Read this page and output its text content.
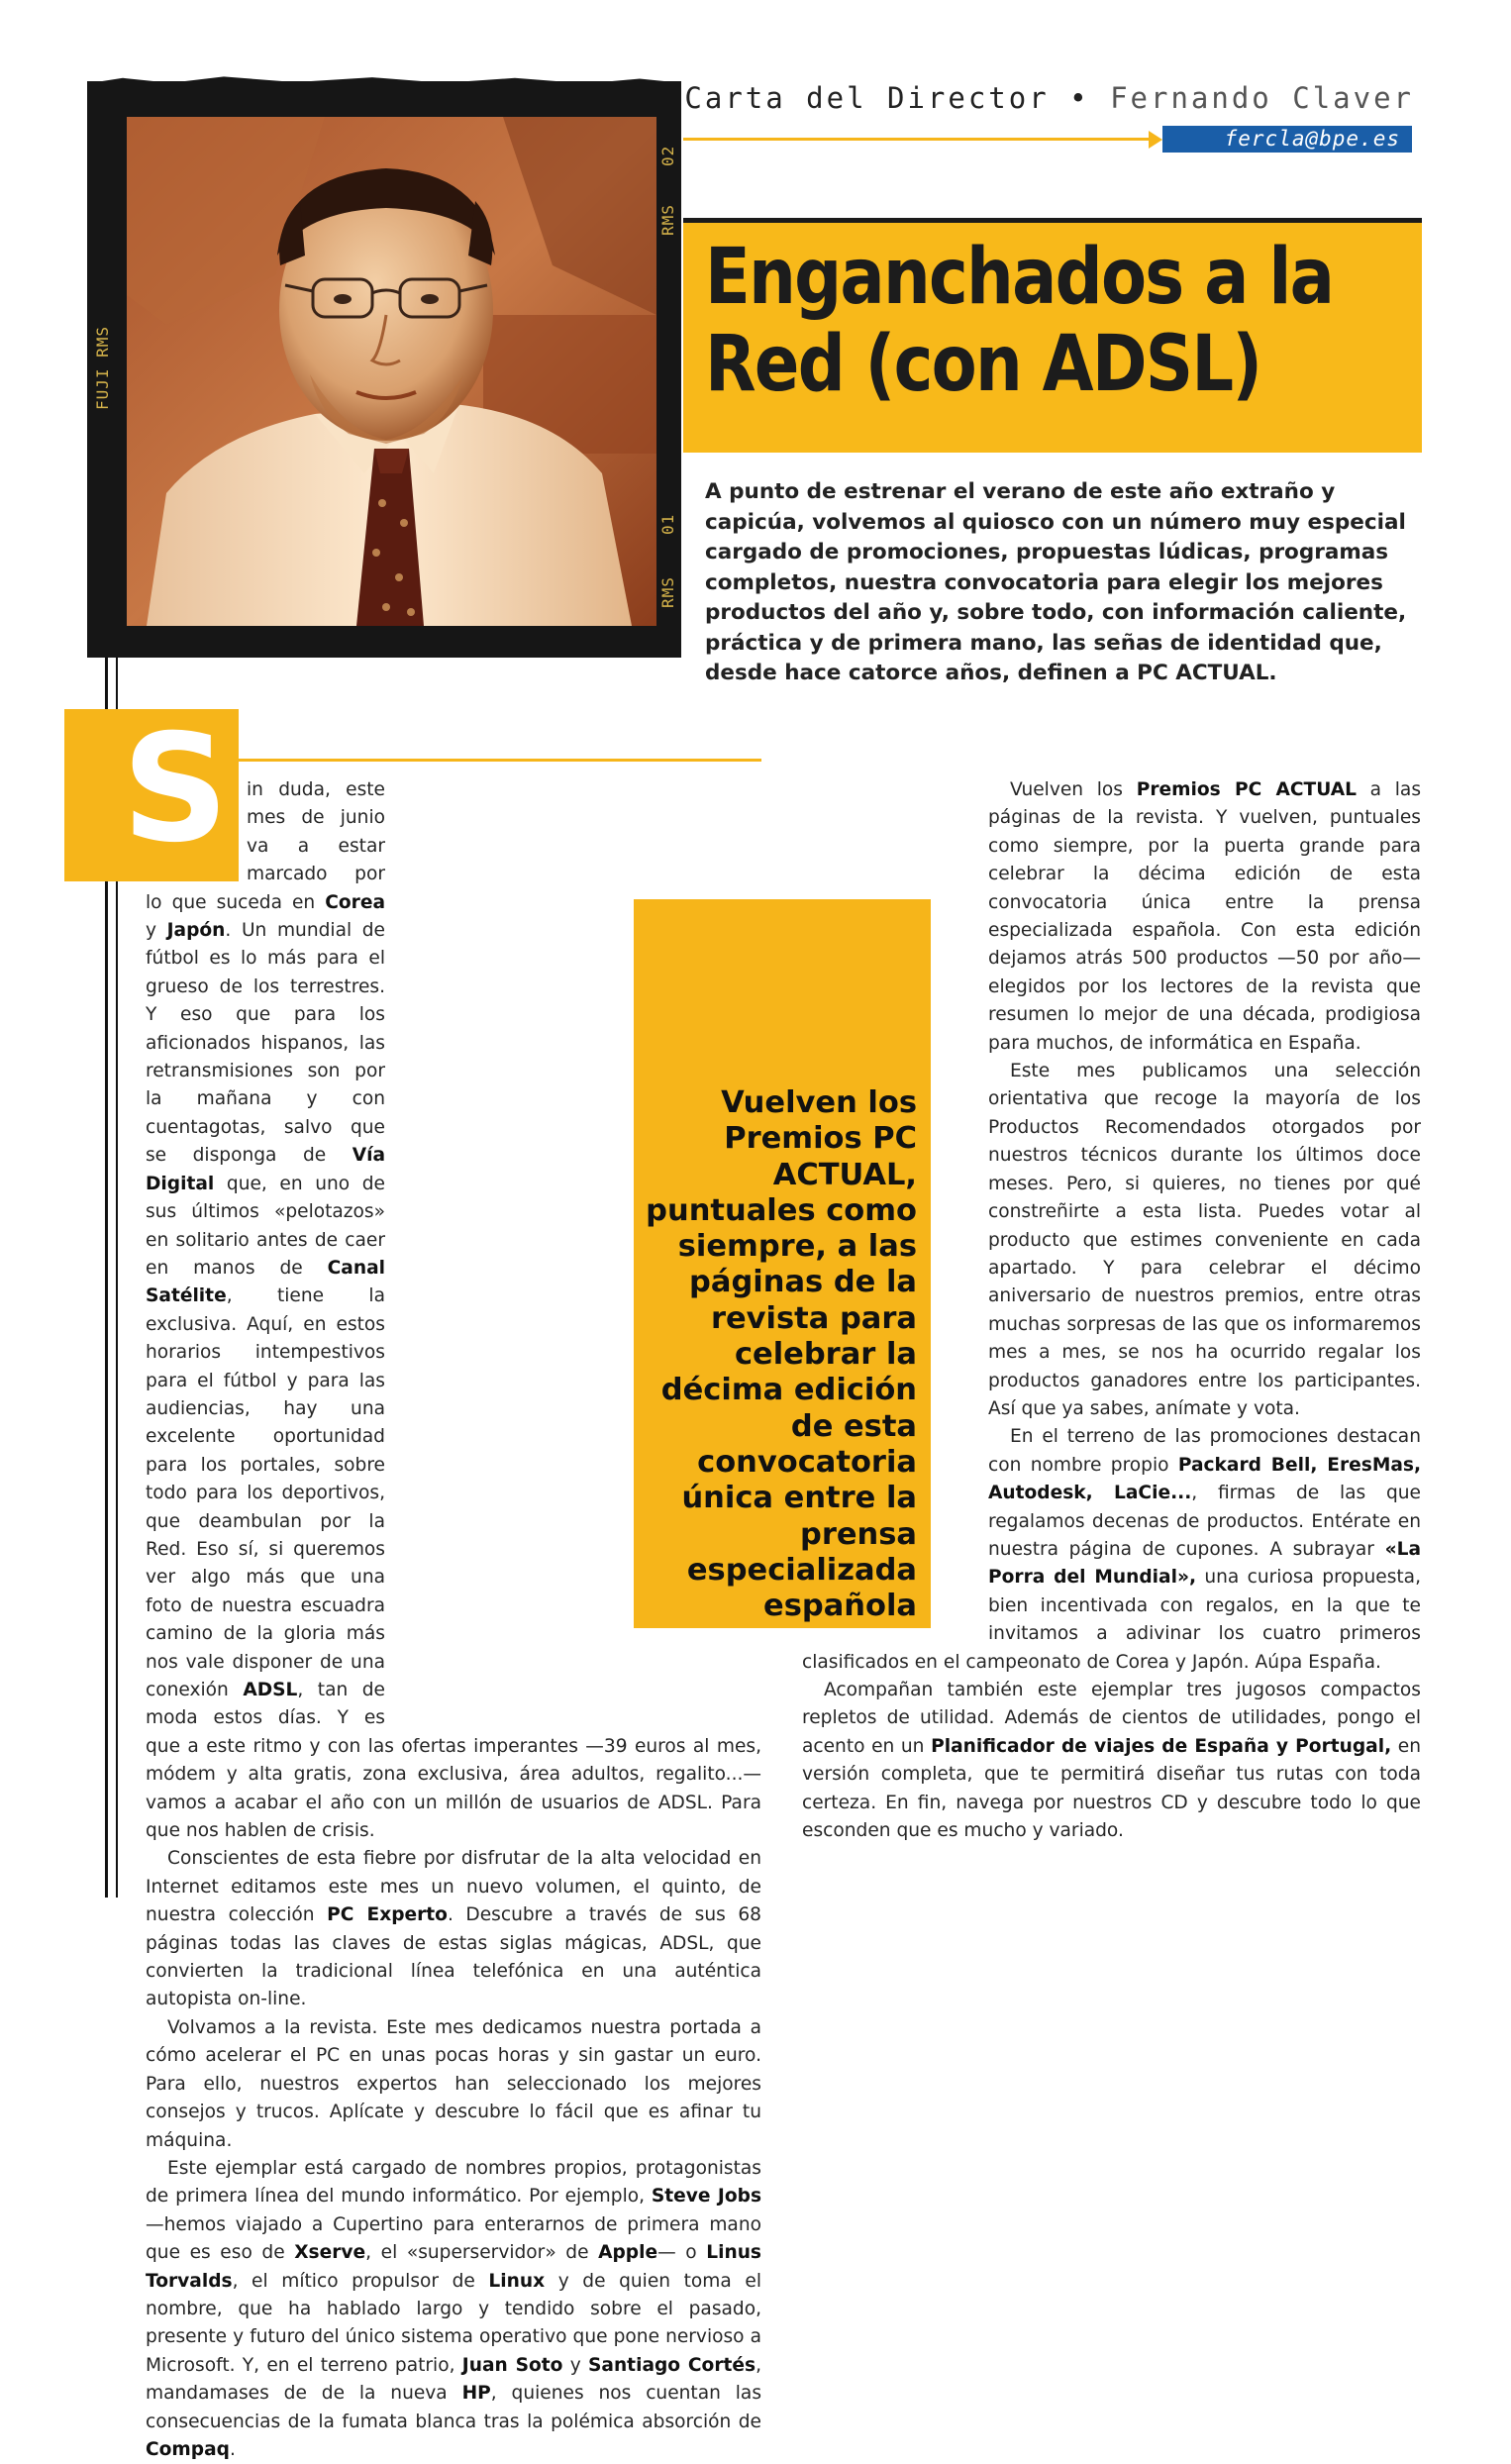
FUJI RMS
02
RMS
01
RMS
Carta del Director • Fernando Claver
fercla@bpe.es
Enganchados a la
Red (con ADSL)
A punto de estrenar el verano de este año extraño y capicúa, volvemos al quiosco con un número muy especial cargado de promociones, propuestas lúdicas, programas completos, nuestra convocatoria para elegir los mejores productos del año y, sobre todo, con información caliente, práctica y de primera mano, las señas de identidad que, desde hace catorce años, definen a PC ACTUAL.
S
Vuelven los Premios PC ACTUAL, puntuales como siempre, a las páginas de la revista para celebrar la décima edición de esta convocatoria única entre la prensa especializada española

in duda, este mes de junio va a estar marcado por lo que suceda en Corea y Japón. Un mundial de fútbol es lo más para el grueso de los terrestres. Y eso que para los aficionados hispanos, las retransmisiones son por la mañana y con cuentagotas, salvo que se disponga de Vía Digital que, en uno de sus últimos «pelotazos» en solitario antes de caer en manos de Canal Satélite, tiene la exclusiva. Aquí, en estos horarios intempestivos para el fútbol y para las audiencias, hay una excelente oportunidad para los portales, sobre todo para los deportivos, que deambulan por la Red. Eso sí, si queremos ver algo más que una foto de nuestra escuadra camino de la gloria más nos vale disponer de una conexión ADSL, tan de moda estos días. Y es que a este ritmo y con las ofertas imperantes —39 euros al mes, módem y alta gratis, zona exclusiva, área adultos, regalito...— vamos a acabar el año con un millón de usuarios de ADSL. Para que nos hablen de crisis.

Conscientes de esta fiebre por disfrutar de la alta velocidad en Internet editamos este mes un nuevo volumen, el quinto, de nuestra colección PC Experto. Descubre a través de sus 68 páginas todas las claves de estas siglas mágicas, ADSL, que convierten la tradicional línea telefónica en una auténtica autopista on-line.

Volvamos a la revista. Este mes dedicamos nuestra portada a cómo acelerar el PC en unas pocas horas y sin gastar un euro. Para ello, nuestros expertos han seleccionado los mejores consejos y trucos. Aplícate y descubre lo fácil que es afinar tu máquina.

Este ejemplar está cargado de nombres propios, protagonistas de primera línea del mundo informático. Por ejemplo, Steve Jobs —hemos viajado a Cupertino para enterarnos de primera mano que es eso de Xserve, el «superservidor» de Apple— o Linus Torvalds, el mítico propulsor de Linux y de quien toma el nombre, que ha hablado largo y tendido sobre el pasado, presente y futuro del único sistema operativo que pone nervioso a Microsoft. Y, en el terreno patrio, Juan Soto y Santiago Cortés, mandamases de de la nueva HP, quienes nos cuentan las consecuencias de la fumata blanca tras la polémica absorción de Compaq.

Vuelven los Premios PC ACTUAL a las páginas de la revista. Y vuelven, puntuales como siempre, por la puerta grande para celebrar la décima edición de esta convocatoria única entre la prensa especializada española. Con esta edición dejamos atrás 500 productos —50 por año— elegidos por los lectores de la revista que resumen lo mejor de una década, prodigiosa para muchos, de informática en España.

Este mes publicamos una selección orientativa que recoge la mayoría de los Productos Recomendados otorgados por nuestros técnicos durante los últimos doce meses. Pero, si quieres, no tienes por qué constreñirte a esta lista. Puedes votar al producto que estimes conveniente en cada apartado. Y para celebrar el décimo aniversario de nuestros premios, entre otras muchas sorpresas de las que os informaremos mes a mes, se nos ha ocurrido regalar los productos ganadores entre los participantes. Así que ya sabes, anímate y vota.

En el terreno de las promociones destacan con nombre propio Packard Bell, EresMas, Autodesk, LaCie..., firmas de las que regalamos decenas de productos. Entérate en nuestra página de cupones. A subrayar «La Porra del Mundial», una curiosa propuesta, bien incentivada con regalos, en la que te invitamos a adivinar los cuatro primeros clasificados en el campeonato de Corea y Japón. Aúpa España.

Acompañan también este ejemplar tres jugosos compactos repletos de utilidad. Además de cientos de utilidades, pongo el acento en un Planificador de viajes de España y Portugal, en versión completa, que te permitirá diseñar tus rutas con toda certeza. En fin, navega por nuestros CD y descubre todo lo que esconden que es mucho y variado.
